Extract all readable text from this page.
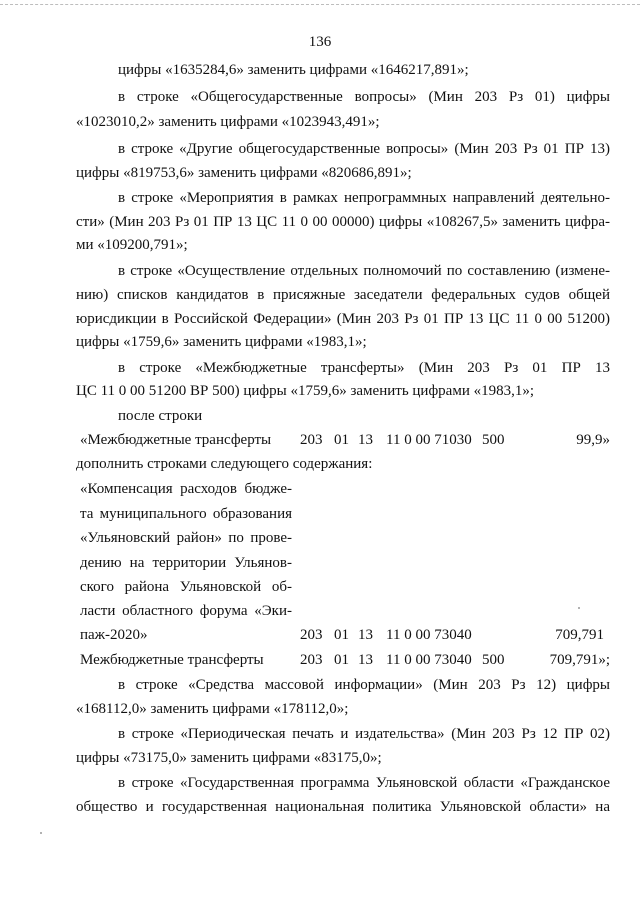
136
цифры «1635284,6» заменить цифрами «1646217,891»;
в строке «Общегосударственные вопросы» (Мин 203 Рз 01) цифры
«1023010,2» заменить цифрами «1023943,491»;
в строке «Другие общегосударственные вопросы» (Мин 203 Рз 01 ПР 13)
цифры «819753,6» заменить цифрами «820686,891»;
в строке «Мероприятия в рамках непрограммных направлений деятельно-
сти» (Мин 203 Рз 01 ПР 13 ЦС 11 0 00 00000) цифры «108267,5» заменить цифра-
ми «109200,791»;
в строке «Осуществление отдельных полномочий по составлению (измене-
нию) списков кандидатов в присяжные заседатели федеральных судов общей
юрисдикции в Российской Федерации» (Мин 203 Рз 01 ПР 13 ЦС 11 0 00 51200)
цифры «1759,6» заменить цифрами «1983,1»;
в строке «Межбюджетные трансферты» (Мин 203 Рз 01 ПР 13
ЦС 11 0 00 51200 ВР 500) цифры «1759,6» заменить цифрами «1983,1»;
после строки
«Межбюджетные трансферты 203 01 13 11 0 00 71030 500	99,9»
дополнить строками следующего содержания:
«Компенсация расходов бюдже-
та муниципального образования
«Ульяновский район» по прове-
дению на территории Ульянов-
ского района Ульяновской об-
ласти областного форума «Эки-
паж-2020»	203 01 13 11 0 00 73040	709,791
Межбюджетные трансферты 203 01 13 11 0 00 73040 500	709,791»;
в строке «Средства массовой информации» (Мин 203 Рз 12) цифры
«168112,0» заменить цифрами «178112,0»;
в строке «Периодическая печать и издательства» (Мин 203 Рз 12 ПР 02)
цифры «73175,0» заменить цифрами «83175,0»;
в строке «Государственная программа Ульяновской области «Гражданское
общество и государственная национальная политика Ульяновской области» на
